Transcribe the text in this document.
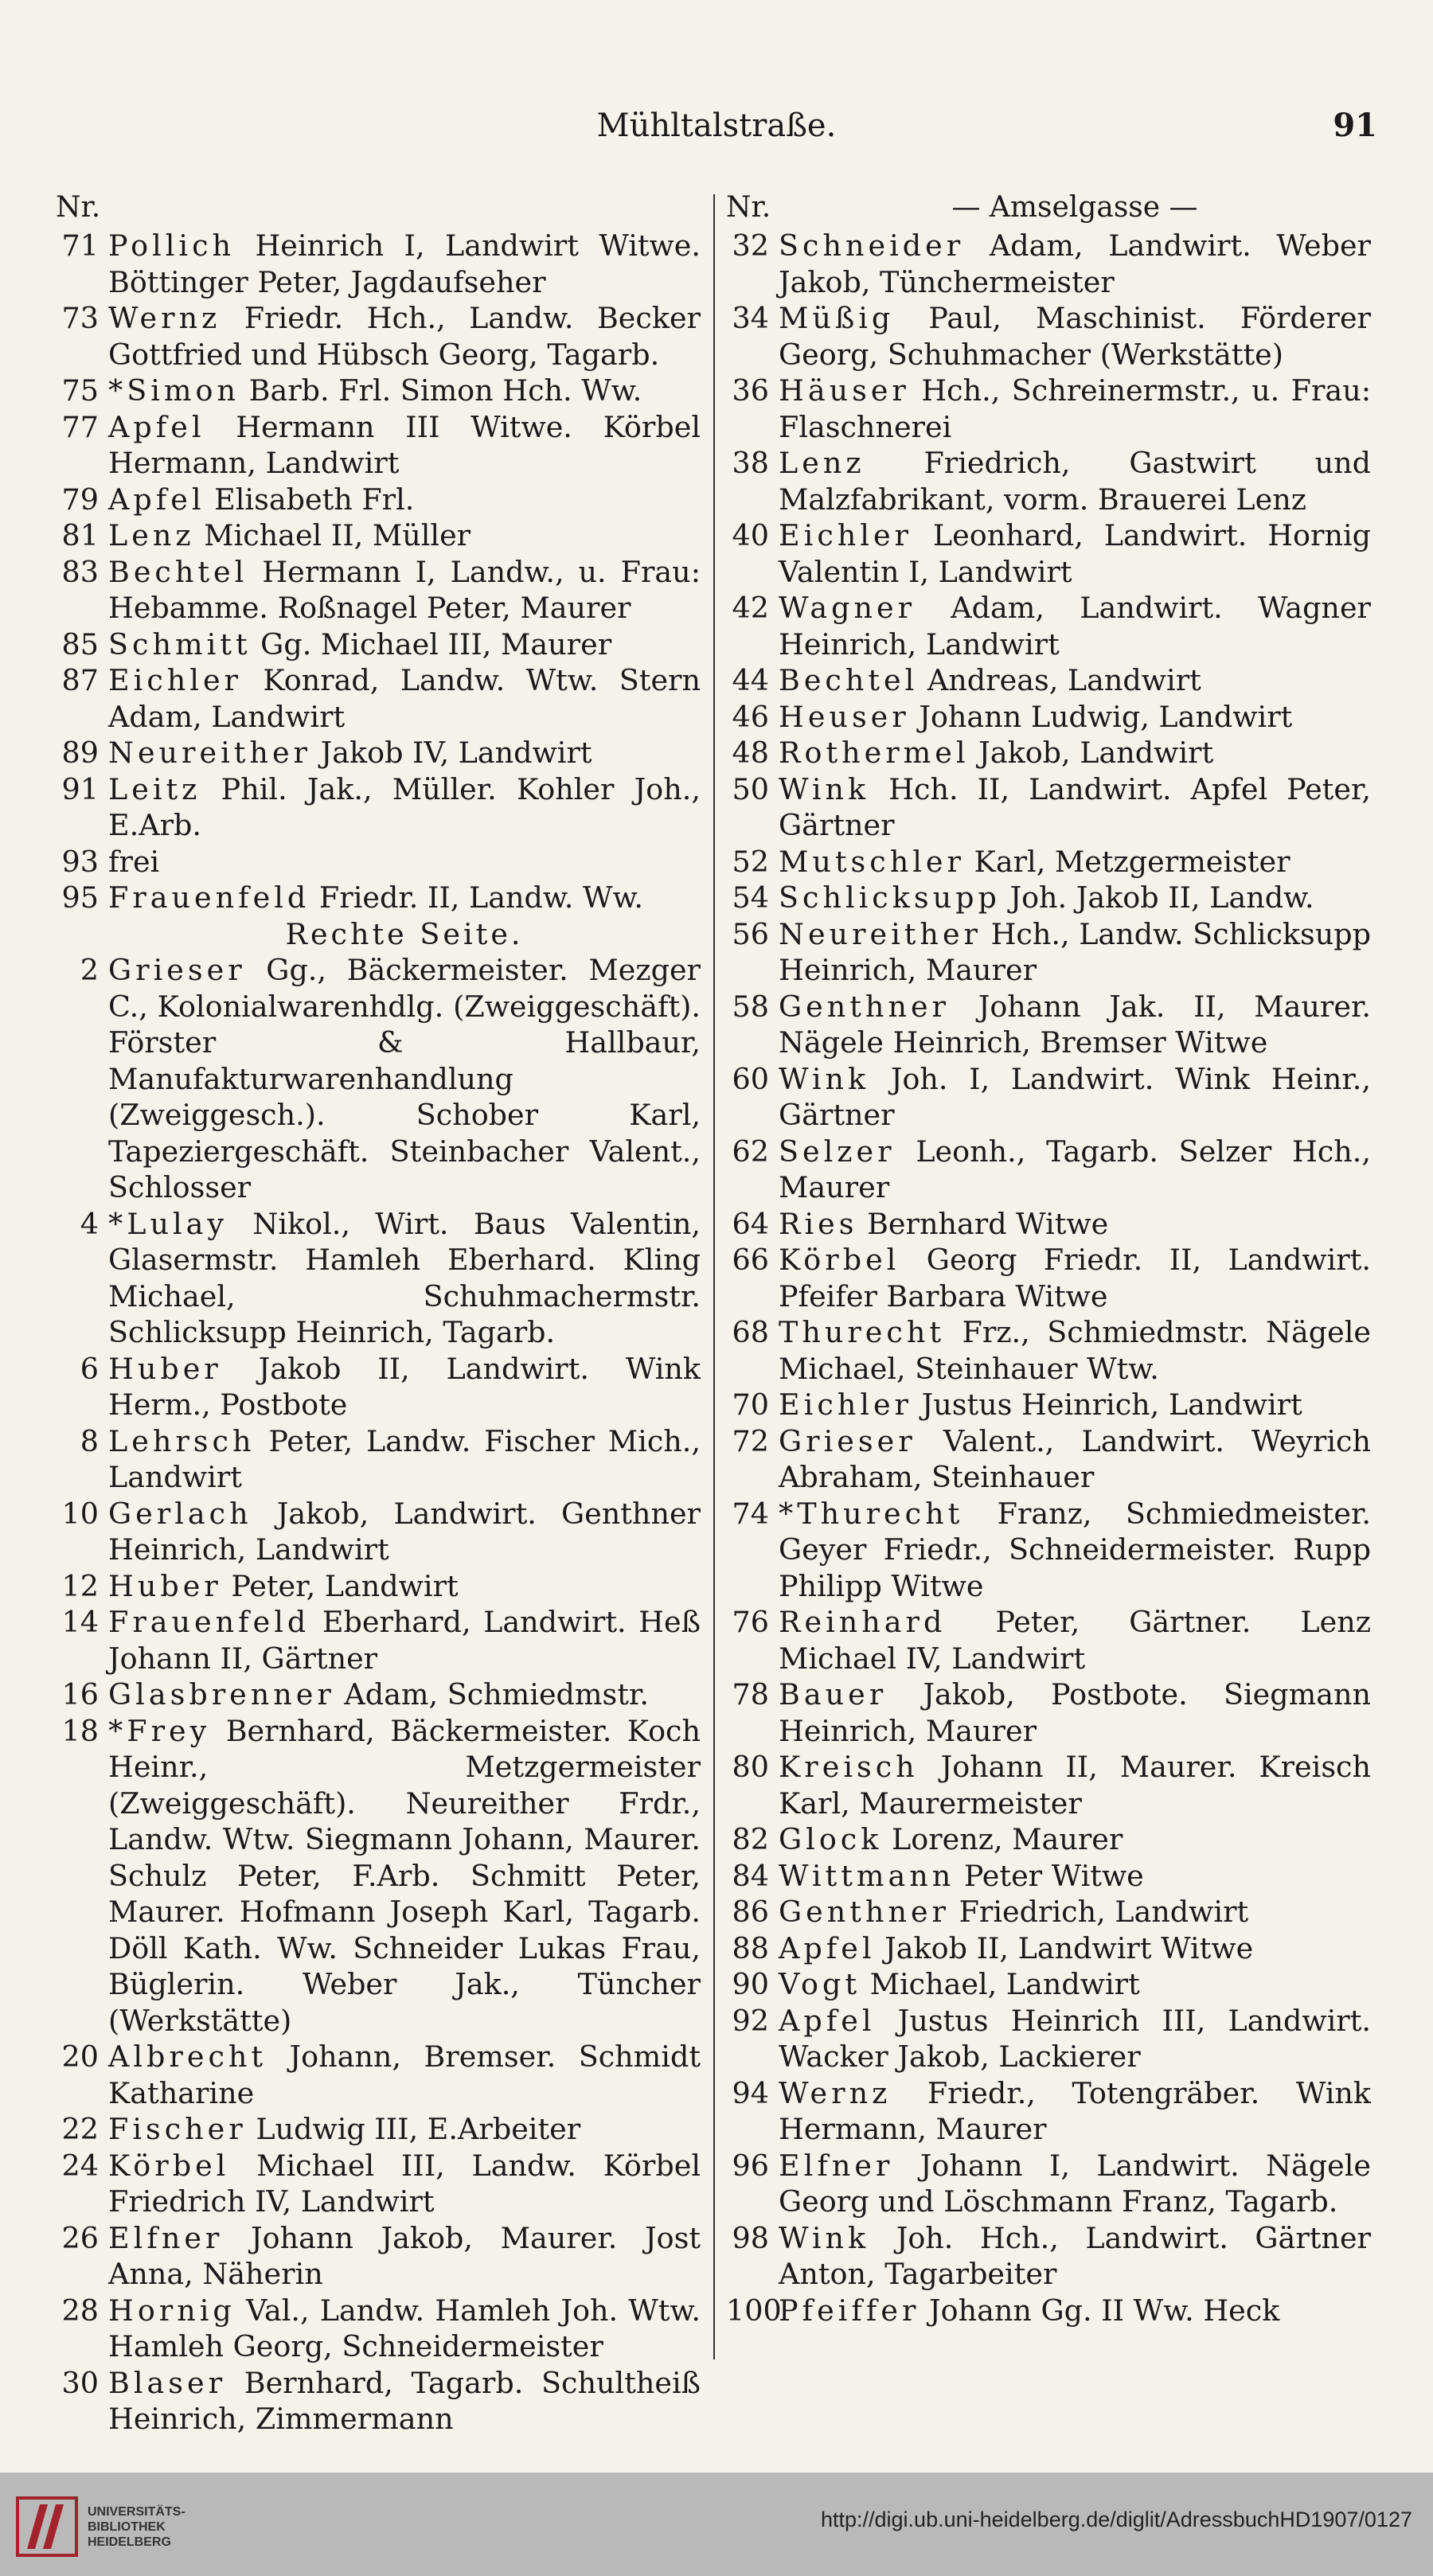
Mühltalstraße.	91
Nr.
71 Pollich Heinrich I, Landwirt Witwe. Böttinger Peter, Jagdaufseher
73 Wernz Friedr. Hch., Landw. Becker Gottfried und Hübsch Georg, Tagarb.
75 *Simon Barb. Frl. Simon Hch. Ww.
77 Apfel Hermann III Witwe. Körbel Hermann, Landwirt
79 Apfel Elisabeth Frl.
81 Lenz Michael II, Müller
83 Bechtel Hermann I, Landw., u. Frau: Hebamme. Roßnagel Peter, Maurer
85 Schmitt Gg. Michael III, Maurer
87 Eichler Konrad, Landw. Wtw. Stern Adam, Landwirt
89 Neureither Jakob IV, Landwirt
91 Leitz Phil. Jak., Müller. Kohler Joh., E.Arb.
93 frei
95 Frauenfeld Friedr. II, Landw. Ww.
Rechte Seite.
2 Grieser Gg., Bäckermeister. Mezger C., Kolonialwarenhdlg. (Zweiggeschäft). Förster & Hallbaur, Manufakturwarenhandlung (Zweiggesch.). Schober Karl, Tapeziergeschäft. Steinbacher Valent., Schlosser
4 *Lulay Nikol., Wirt. Baus Valentin, Glasermstr. Hamleh Eberhard. Kling Michael, Schuhmachermstr. Schlicksupp Heinrich, Tagarb.
6 Huber Jakob II, Landwirt. Wink Herm., Postbote
8 Lehrsch Peter, Landw. Fischer Mich., Landwirt
10 Gerlach Jakob, Landwirt. Genthner Heinrich, Landwirt
12 Huber Peter, Landwirt
14 Frauenfeld Eberhard, Landwirt. Heß Johann II, Gärtner
16 Glasbrenner Adam, Schmiedmstr.
18 *Frey Bernhard, Bäckermeister. Koch Heinr., Metzgermeister (Zweiggeschäft). Neureither Frdr., Landw. Wtw. Siegmann Johann, Maurer. Schulz Peter, F.Arb. Schmitt Peter, Maurer. Hofmann Joseph Karl, Tagarb. Döll Kath. Ww. Schneider Lukas Frau, Büglerin. Weber Jak., Tüncher (Werkstätte)
20 Albrecht Johann, Bremser. Schmidt Katharine
22 Fischer Ludwig III, E.Arbeiter
24 Körbel Michael III, Landw. Körbel Friedrich IV, Landwirt
26 Elfner Johann Jakob, Maurer. Jost Anna, Näherin
28 Hornig Val., Landw. Hamleh Joh. Wtw. Hamleh Georg, Schneidermeister
30 Blaser Bernhard, Tagarb. Schultheiß Heinrich, Zimmermann
Nr.	— Amselgasse —
32 Schneider Adam, Landwirt. Weber Jakob, Tünchermeister
34 Müßig Paul, Maschinist. Förderer Georg, Schuhmacher (Werkstätte)
36 Häuser Hch., Schreinermstr., u. Frau: Flaschnerei
38 Lenz Friedrich, Gastwirt und Malzfabrikant, vorm. Brauerei Lenz
40 Eichler Leonhard, Landwirt. Hornig Valentin I, Landwirt
42 Wagner Adam, Landwirt. Wagner Heinrich, Landwirt
44 Bechtel Andreas, Landwirt
46 Heuser Johann Ludwig, Landwirt
48 Rothermel Jakob, Landwirt
50 Wink Hch. II, Landwirt. Apfel Peter, Gärtner
52 Mutschler Karl, Metzgermeister
54 Schlicksupp Joh. Jakob II, Landw.
56 Neureither Hch., Landw. Schlicksupp Heinrich, Maurer
58 Genthner Johann Jak. II, Maurer. Nägele Heinrich, Bremser Witwe
60 Wink Joh. I, Landwirt. Wink Heinr., Gärtner
62 Selzer Leonh., Tagarb. Selzer Hch., Maurer
64 Ries Bernhard Witwe
66 Körbel Georg Friedr. II, Landwirt. Pfeifer Barbara Witwe
68 Thurecht Frz., Schmiedmstr. Nägele Michael, Steinhauer Wtw.
70 Eichler Justus Heinrich, Landwirt
72 Grieser Valent., Landwirt. Weyrich Abraham, Steinhauer
74 *Thurecht Franz, Schmiedmeister. Geyer Friedr., Schneidermeister. Rupp Philipp Witwe
76 Reinhard Peter, Gärtner. Lenz Michael IV, Landwirt
78 Bauer Jakob, Postbote. Siegmann Heinrich, Maurer
80 Kreisch Johann II, Maurer. Kreisch Karl, Maurermeister
82 Glock Lorenz, Maurer
84 Wittmann Peter Witwe
86 Genthner Friedrich, Landwirt
88 Apfel Jakob II, Landwirt Witwe
90 Vogt Michael, Landwirt
92 Apfel Justus Heinrich III, Landwirt. Wacker Jakob, Lackierer
94 Wernz Friedr., Totengräber. Wink Hermann, Maurer
96 Elfner Johann I, Landwirt. Nägele Georg und Löschmann Franz, Tagarb.
98 Wink Joh. Hch., Landwirt. Gärtner Anton, Tagarbeiter
100
Pfeiffer Johann Gg. II Ww. Heck
UNIVERSITÄTS-
BIBLIOTHEK
HEIDELBERG
http://digi.ub.uni-heidelberg.de/diglit/AdressbuchHD1907/0127
